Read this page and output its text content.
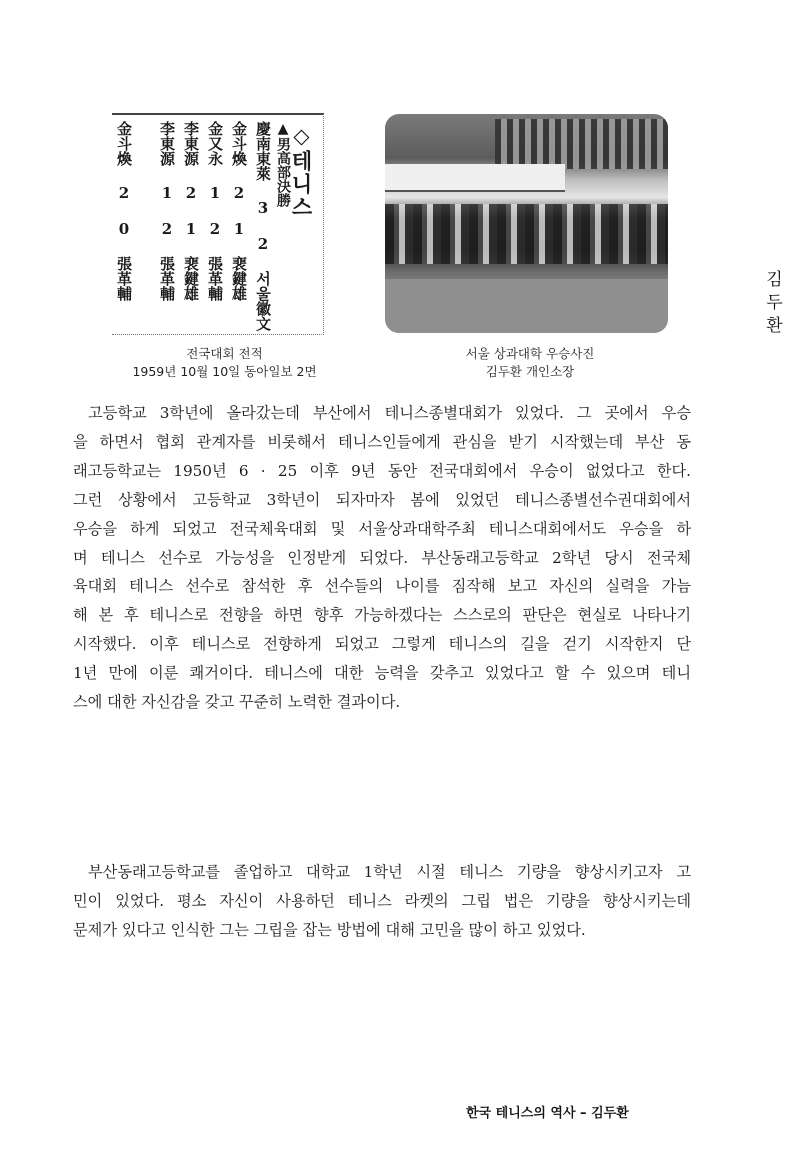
◇테니스
▲男高部決勝
慶南東萊 3 2 서울徽文
金斗煥 2 1 裵鍵雄
金又永 1 2 張革輔
李東源 2 1 裵鍵雄
李東源 1 2 張革輔
金斗煥 2 0 張革輔
전국대회 전적
1959년 10월 10일 동아일보 2면
서울 상과대학 우승사진
김두환 개인소장
김두환
고등학교 3학년에 올라갔는데 부산에서 테니스종별대회가 있었다. 그 곳에서 우승
을 하면서 협회 관계자를 비롯해서 테니스인들에게 관심을 받기 시작했는데 부산 동
래고등학교는 1950년 6 · 25 이후 9년 동안 전국대회에서 우승이 없었다고 한다.
그런 상황에서 고등학교 3학년이 되자마자 봄에 있었던 테니스종별선수권대회에서
우승을 하게 되었고 전국체육대회 및 서울상과대학주최 테니스대회에서도 우승을 하
며 테니스 선수로 가능성을 인정받게 되었다. 부산동래고등학교 2학년 당시 전국체
육대회 테니스 선수로 참석한 후 선수들의 나이를 짐작해 보고 자신의 실력을 가늠
해 본 후 테니스로 전향을 하면 향후 가능하겠다는 스스로의 판단은 현실로 나타나기
시작했다. 이후 테니스로 전향하게 되었고 그렇게 테니스의 길을 걷기 시작한지 단
1년 만에 이룬 쾌거이다. 테니스에 대한 능력을 갖추고 있었다고 할 수 있으며 테니
스에 대한 자신감을 갖고 꾸준히 노력한 결과이다.
부산동래고등학교를 졸업하고 대학교 1학년 시절 테니스 기량을 향상시키고자 고
민이 있었다. 평소 자신이 사용하던 테니스 라켓의 그립 법은 기량을 향상시키는데
문제가 있다고 인식한 그는 그립을 잡는 방법에 대해 고민을 많이 하고 있었다.
한국 테니스의 역사 – 김두환
